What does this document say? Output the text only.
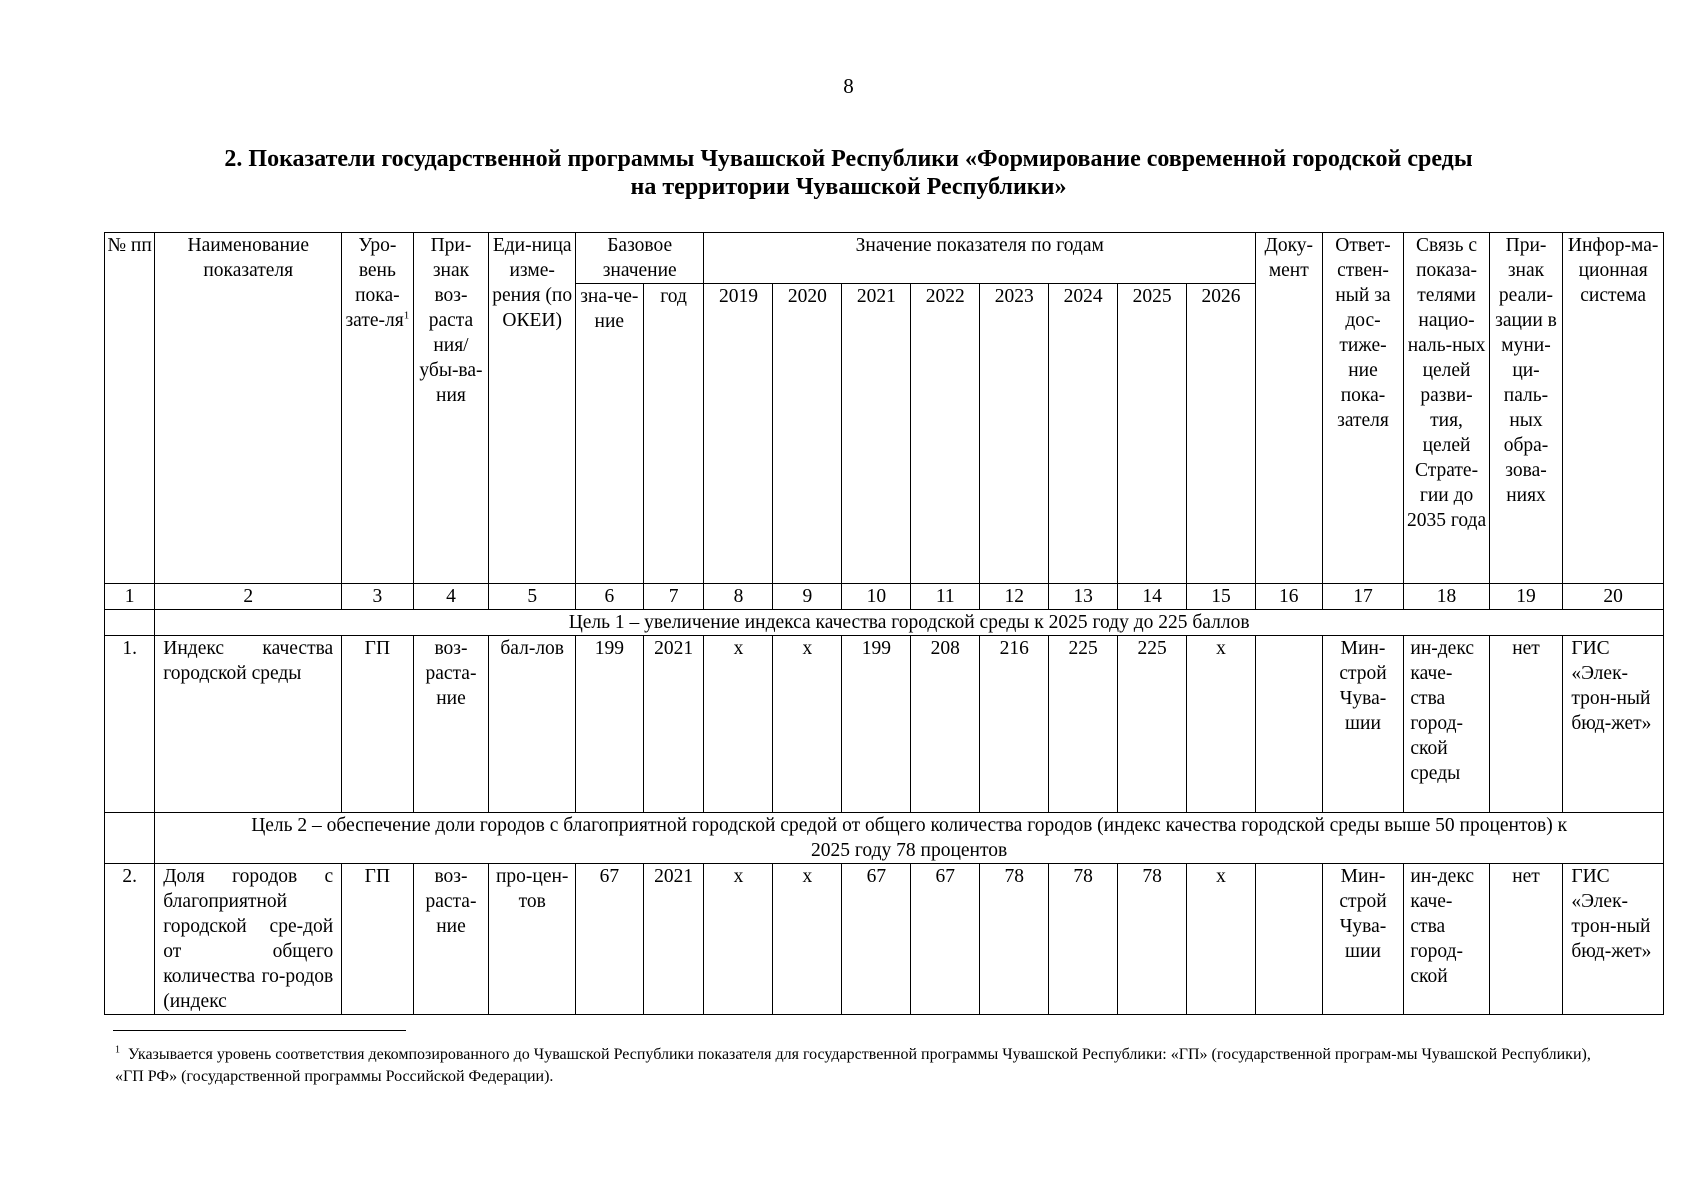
8
2. Показатели государственной программы Чувашской Республики «Формирование современной городской среды
на территории Чувашской Республики»
№ пп	Наименование показателя	Уро-вень пока-$зате-ля^1$	При-знак воз-раста ния/ убы-ва-ния	Еди-ница изме-рения (по ОКЕИ)	Базовое значение		Значение показателя по годам								Доку-мент	Ответ-ствен-ный за дос-тиже-ние пока-зателя	Связь с показа-телями нацио-наль-ных целей разви-тия, целей Страте-гии до 2035 года	При-знак реали-зации в муни-ци-паль-ных обра-зова-ниях	Инфор-ма-ционная система
					зна-че-ние	год	2019	2020	2021	2022	2023	2024	2025	2026					
1	2	3	4	5	6	7	8	9	10	11	12	13	14	15	16	17	18	19	20
	Цель 1 – увеличение индекса качества городской среды к 2025 году до 225 баллов																		
1.	Индекс качества городской среды	ГП	воз-раста-ние	бал-лов	199	2021	x	x	199	208	216	225	225	x		Мин-строй Чува-шии	ин-декс каче-ства город-ской среды	нет	ГИС «Элек-трон-ный бюд-жет»
	Цель 2 – обеспечение доли городов с благоприятной городской средой от общего количества городов (индекс качества городской среды выше 50 процентов) к 2025 году 78 процентов																		
2.	Доля городов с благоприятной городской сре-дой от общего количества го-родов (индекс	ГП	воз-раста-ние	про-цен-тов	67	2021	x	x	67	67	78	78	78	x		Мин-строй Чува-шии	ин-декс каче-ства город-ской	нет	ГИС «Элек-трон-ный бюд-жет»
$^1$ Указывается уровень соответствия декомпозированного до Чувашской Республики показателя для государственной программы Чувашской Республики: «ГП» (государственной програм-мы Чувашской Республики), «ГП РФ» (государственной программы Российской Федерации).
